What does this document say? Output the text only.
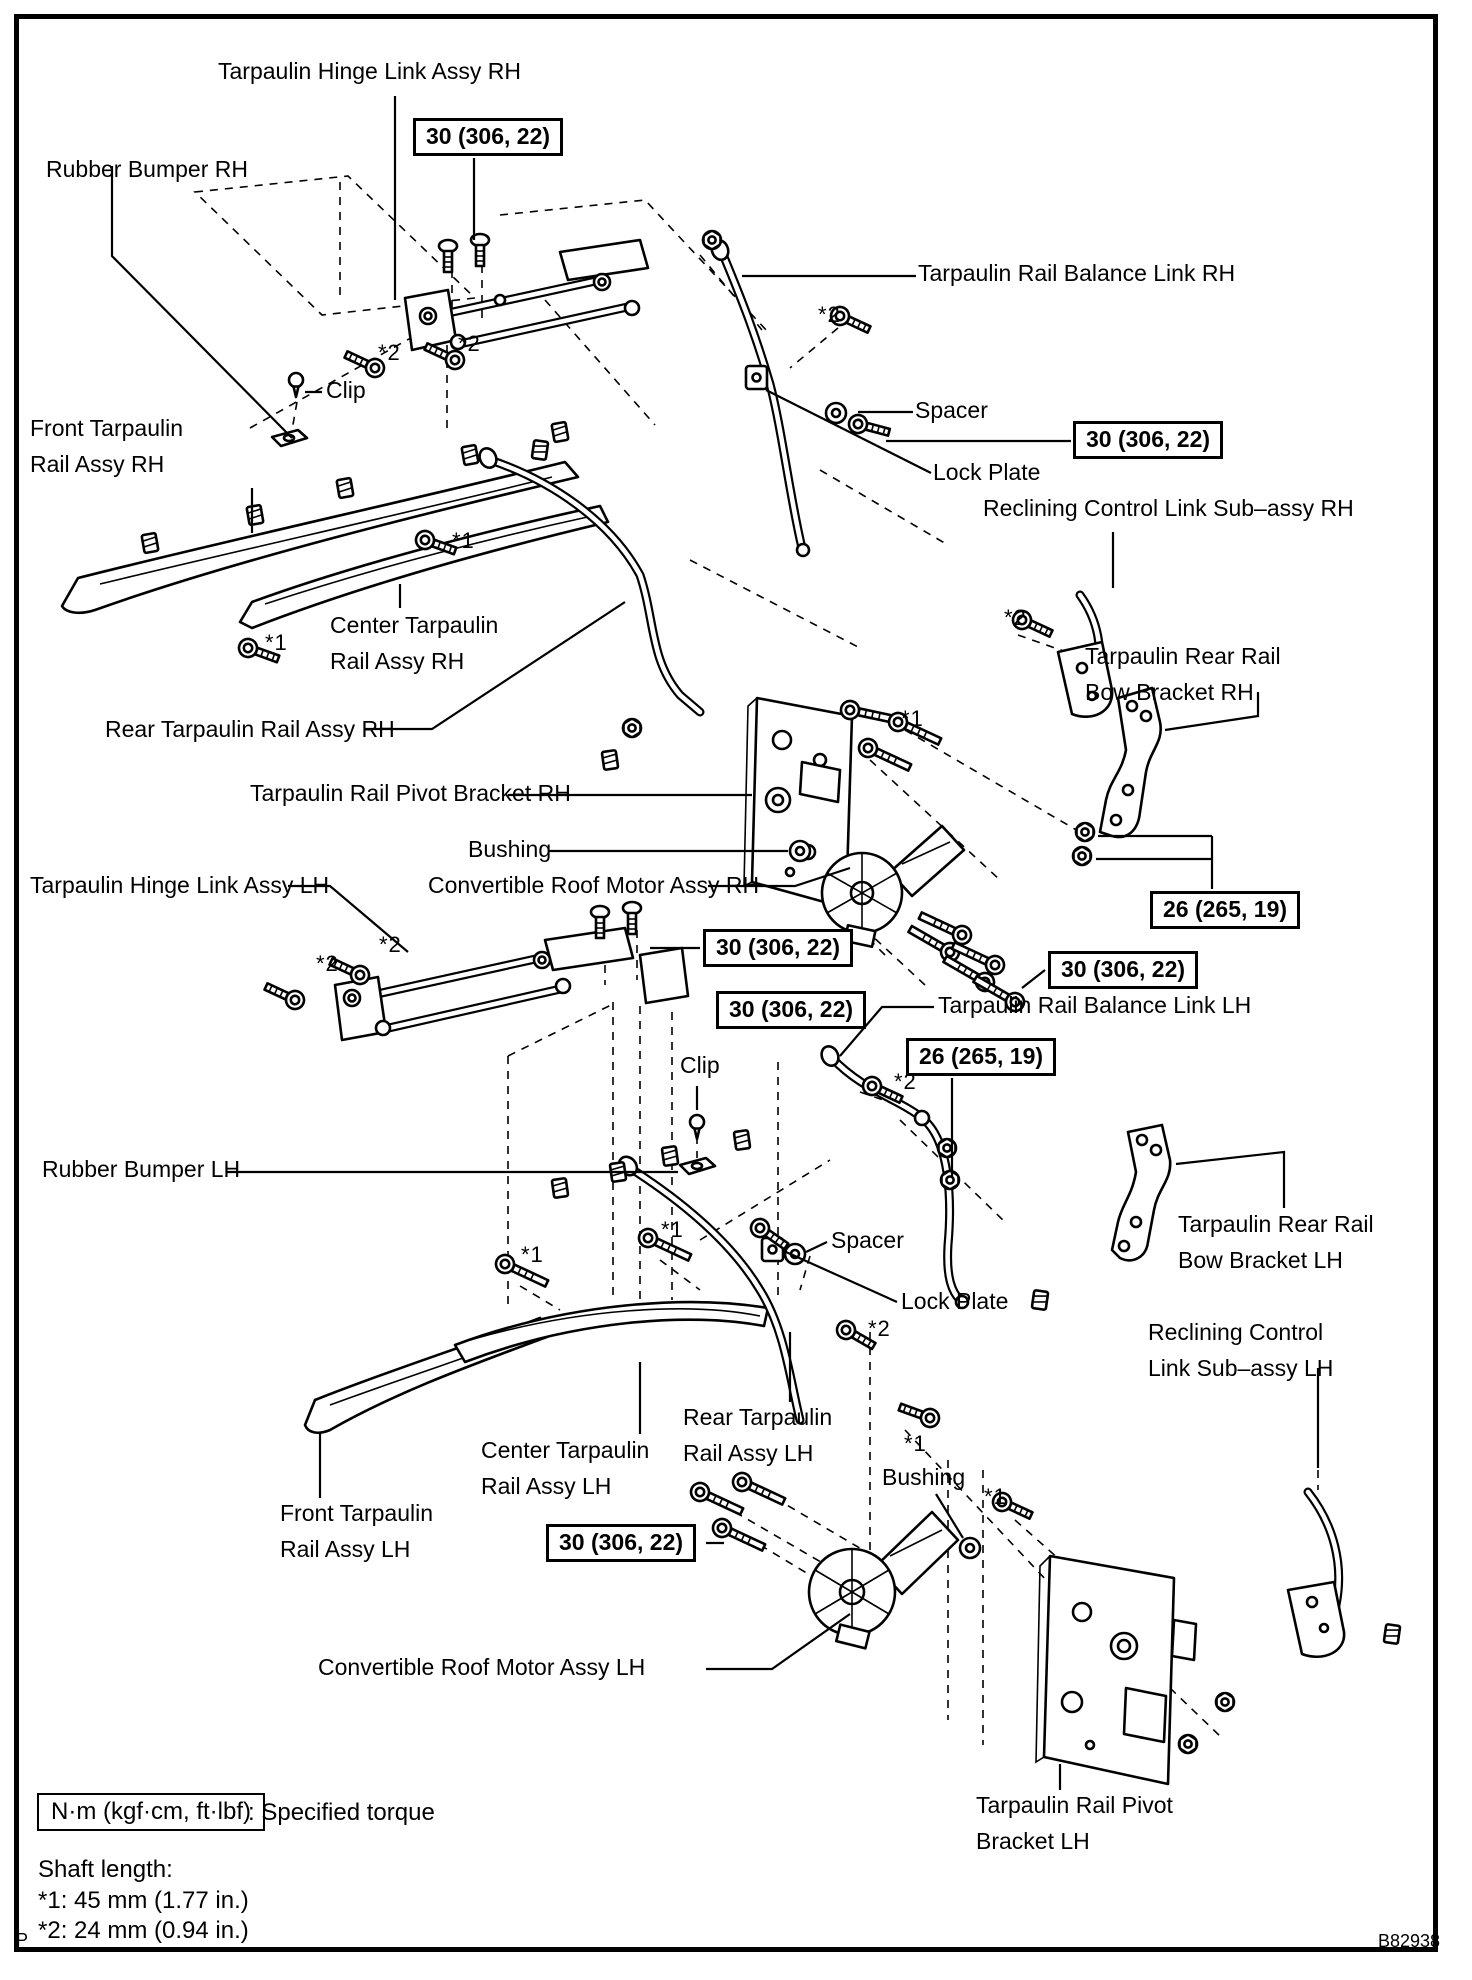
Tarpaulin Hinge Link Assy RH
30 (306, 22)
Rubber Bumper RH
Tarpaulin Rail Balance Link RH
Clip
Spacer
30 (306, 22)
Lock Plate
Reclining Control Link Sub–assy RH
Front Tarpaulin
Rail Assy RH
Center Tarpaulin
Rail Assy RH
Rear Tarpaulin Rail Assy RH
Tarpaulin Rail Pivot Bracket RH
Bushing
Tarpaulin Hinge Link Assy LH	Convertible Roof Motor Assy RH
Tarpaulin Rear Rail
Bow Bracket RH
26 (265, 19)
30 (306, 22)
30 (306, 22)
30 (306, 22)
Tarpaulin Rail Balance Link LH
26 (265, 19)
Clip
Rubber Bumper LH
Spacer
Lock Plate
Tarpaulin Rear Rail
Bow Bracket LH
Reclining Control
Link Sub–assy LH
Rear Tarpaulin
Rail Assy LH
Center Tarpaulin
Rail Assy LH	Bushing
Front Tarpaulin
Rail Assy LH	30 (306, 22)
Convertible Roof Motor Assy LH
Tarpaulin Rail Pivot
Bracket LH
*2	*2
*2
*2
*1
*1
*1
*2
*2
*2
*2
*1
*1
*1
*1
N·m (kgf·cm, ft·lbf)
: Specified torque
Shaft length:
*1: 45 mm (1.77 in.)
*2: 24 mm (0.94 in.)
P	B82938
